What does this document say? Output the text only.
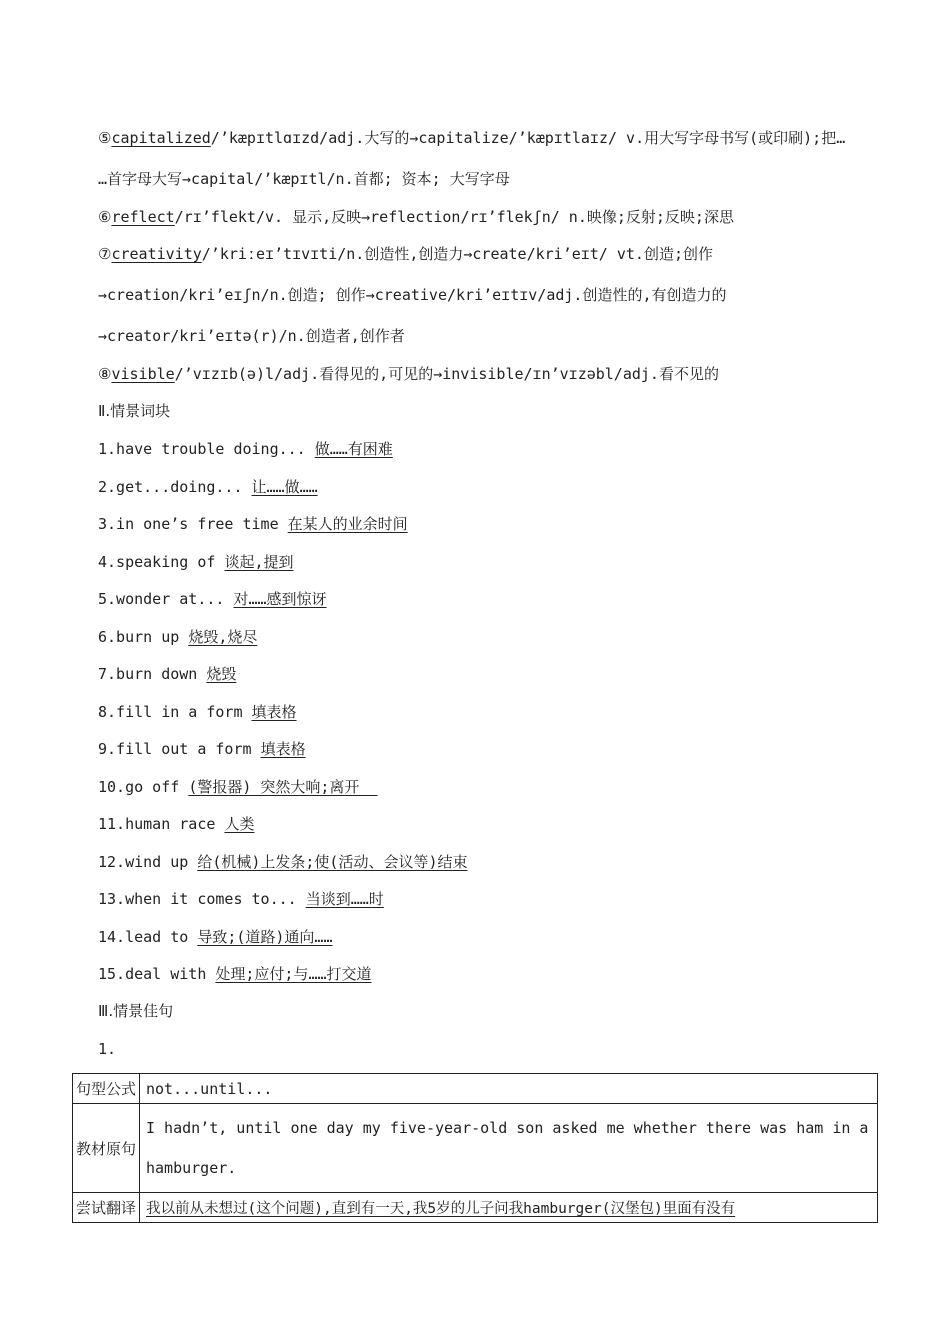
⑤capitalized/’kæpɪtlɑɪzd/adj.大写的→capitalize/’kæpɪtlaɪz/ v.用大写字母书写(或印刷);把…
…首字母大写→capital/’kæpɪtl/n.首都; 资本; 大写字母
⑥reflect/rɪ’flekt/v. 显示,反映→reflection/rɪ’flekʃn/ n.映像;反射;反映;深思
⑦creativity/’kriːeɪ’tɪvɪti/n.创造性,创造力→create/kri’eɪt/ vt.创造;创作
→creation/kri’eɪʃn/n.创造; 创作→creative/kri’eɪtɪv/adj.创造性的,有创造力的
→creator/kri’eɪtə(r)/n.创造者,创作者
⑧visible/’vɪzɪb(ə)l/adj.看得见的,可见的→invisible/ɪn’vɪzəbl/adj.看不见的
Ⅱ.情景词块
1.have trouble doing... 做……有困难
2.get...doing... 让……做……
3.in one’s free time 在某人的业余时间
4.speaking of 谈起,提到
5.wonder at... 对……感到惊讶
6.burn up 烧毁,烧尽
7.burn down 烧毁
8.fill in a form 填表格
9.fill out a form 填表格
10.go off (警报器) 突然大响;离开
11.human race 人类
12.wind up 给(机械)上发条;使(活动、会议等)结束
13.when it comes to... 当谈到……时
14.lead to 导致;(道路)通向……
15.deal with 处理;应付;与……打交道
Ⅲ.情景佳句
1.
句型公式	not...until...
教材原句	I hadn’t, until one day my five-year-old son asked me whether there was ham in a hamburger.
尝试翻译	我以前从未想过(这个问题),直到有一天,我5岁的儿子问我hamburger(汉堡包)里面有没有
